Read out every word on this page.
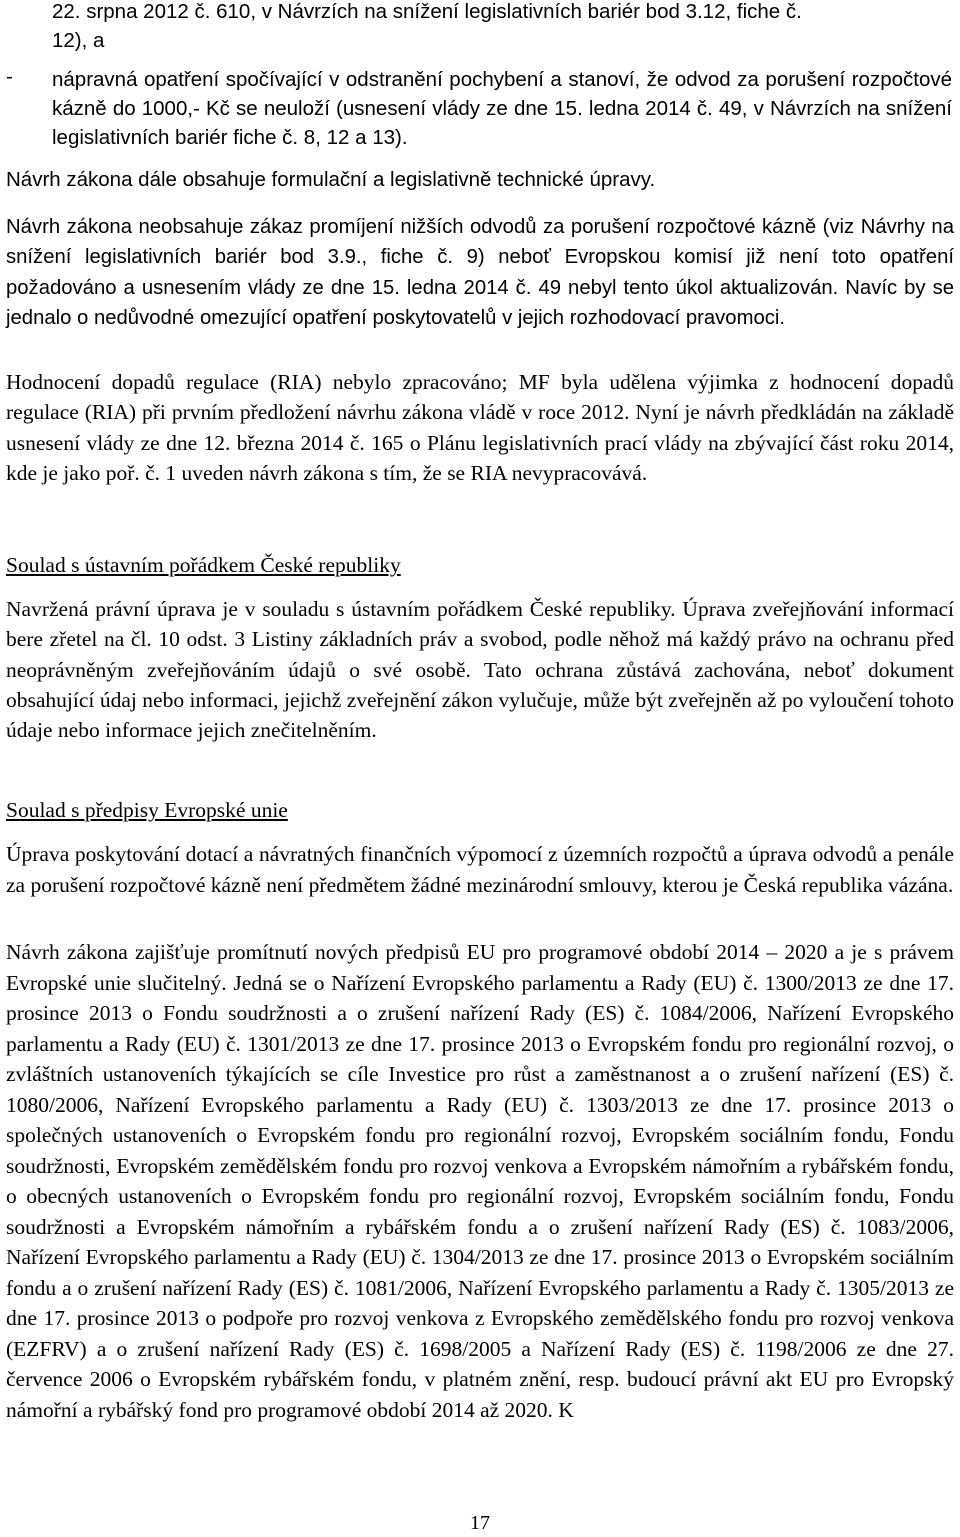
22. srpna 2012 č. 610, v Návrzích na snížení legislativních bariér bod 3.12, fiche č.

12), a

- nápravná opatření spočívající v odstranění pochybení a stanoví, že odvod za porušení rozpočtové kázně do 1000,- Kč se neuloží (usnesení vlády ze dne 15. ledna 2014 č. 49, v Návrzích na snížení legislativních bariér fiche č. 8, 12 a 13).

Návrh zákona dále obsahuje formulační a legislativně technické úpravy.

Návrh zákona neobsahuje zákaz promíjení nižších odvodů za porušení rozpočtové kázně (viz Návrhy na snížení legislativních bariér bod 3.9., fiche č. 9) neboť Evropskou komisí již není toto opatření požadováno a usnesením vlády ze dne 15. ledna 2014 č. 49 nebyl tento úkol aktualizován. Navíc by se jednalo o nedůvodné omezující opatření poskytovatelů v jejich rozhodovací pravomoci.

Hodnocení dopadů regulace (RIA) nebylo zpracováno; MF byla udělena výjimka z hodnocení dopadů regulace (RIA) při prvním předložení návrhu zákona vládě v roce 2012. Nyní je návrh předkládán na základě usnesení vlády ze dne 12. března 2014 č. 165 o Plánu legislativních prací vlády na zbývající část roku 2014, kde je jako poř. č. 1 uveden návrh zákona s tím, že se RIA nevypracovává.

Soulad s ústavním pořádkem České republiky

Navržená právní úprava je v souladu s ústavním pořádkem České republiky. Úprava zveřejňování informací bere zřetel na čl. 10 odst. 3 Listiny základních práv a svobod, podle něhož má každý právo na ochranu před neoprávněným zveřejňováním údajů o své osobě. Tato ochrana zůstává zachována, neboť dokument obsahující údaj nebo informaci, jejichž zveřejnění zákon vylučuje, může být zveřejněn až po vyloučení tohoto údaje nebo informace jejich znečitelněním.

Soulad s předpisy Evropské unie

Úprava poskytování dotací a návratných finančních výpomocí z územních rozpočtů a úprava odvodů a penále za porušení rozpočtové kázně není předmětem žádné mezinárodní smlouvy, kterou je Česká republika vázána.

Návrh zákona zajišťuje promítnutí nových předpisů EU pro programové období 2014 – 2020 a je s právem Evropské unie slučitelný. Jedná se o Nařízení Evropského parlamentu a Rady (EU) č. 1300/2013 ze dne 17. prosince 2013 o Fondu soudržnosti a o zrušení nařízení Rady (ES) č. 1084/2006, Nařízení Evropského parlamentu a Rady (EU) č. 1301/2013 ze dne 17. prosince 2013 o Evropském fondu pro regionální rozvoj, o zvláštních ustanoveních týkajících se cíle Investice pro růst a zaměstnanost a o zrušení nařízení (ES) č. 1080/2006, Nařízení Evropského parlamentu a Rady (EU) č. 1303/2013 ze dne 17. prosince 2013 o společných ustanoveních o Evropském fondu pro regionální rozvoj, Evropském sociálním fondu, Fondu soudržnosti, Evropském zemědělském fondu pro rozvoj venkova a Evropském námořním a rybářském fondu, o obecných ustanoveních o Evropském fondu pro regionální rozvoj, Evropském sociálním fondu, Fondu soudržnosti a Evropském námořním a rybářském fondu a o zrušení nařízení Rady (ES) č. 1083/2006, Nařízení Evropského parlamentu a Rady (EU) č. 1304/2013 ze dne 17. prosince 2013 o Evropském sociálním fondu a o zrušení nařízení Rady (ES) č. 1081/2006, Nařízení Evropského parlamentu a Rady č. 1305/2013 ze dne 17. prosince 2013 o podpoře pro rozvoj venkova z Evropského zemědělského fondu pro rozvoj venkova (EZFRV) a o zrušení nařízení Rady (ES) č. 1698/2005 a Nařízení Rady (ES) č. 1198/2006 ze dne 27. července 2006 o Evropském rybářském fondu, v platném znění, resp. budoucí právní akt EU pro Evropský námořní a rybářský fond pro programové období 2014 až 2020. K

17
